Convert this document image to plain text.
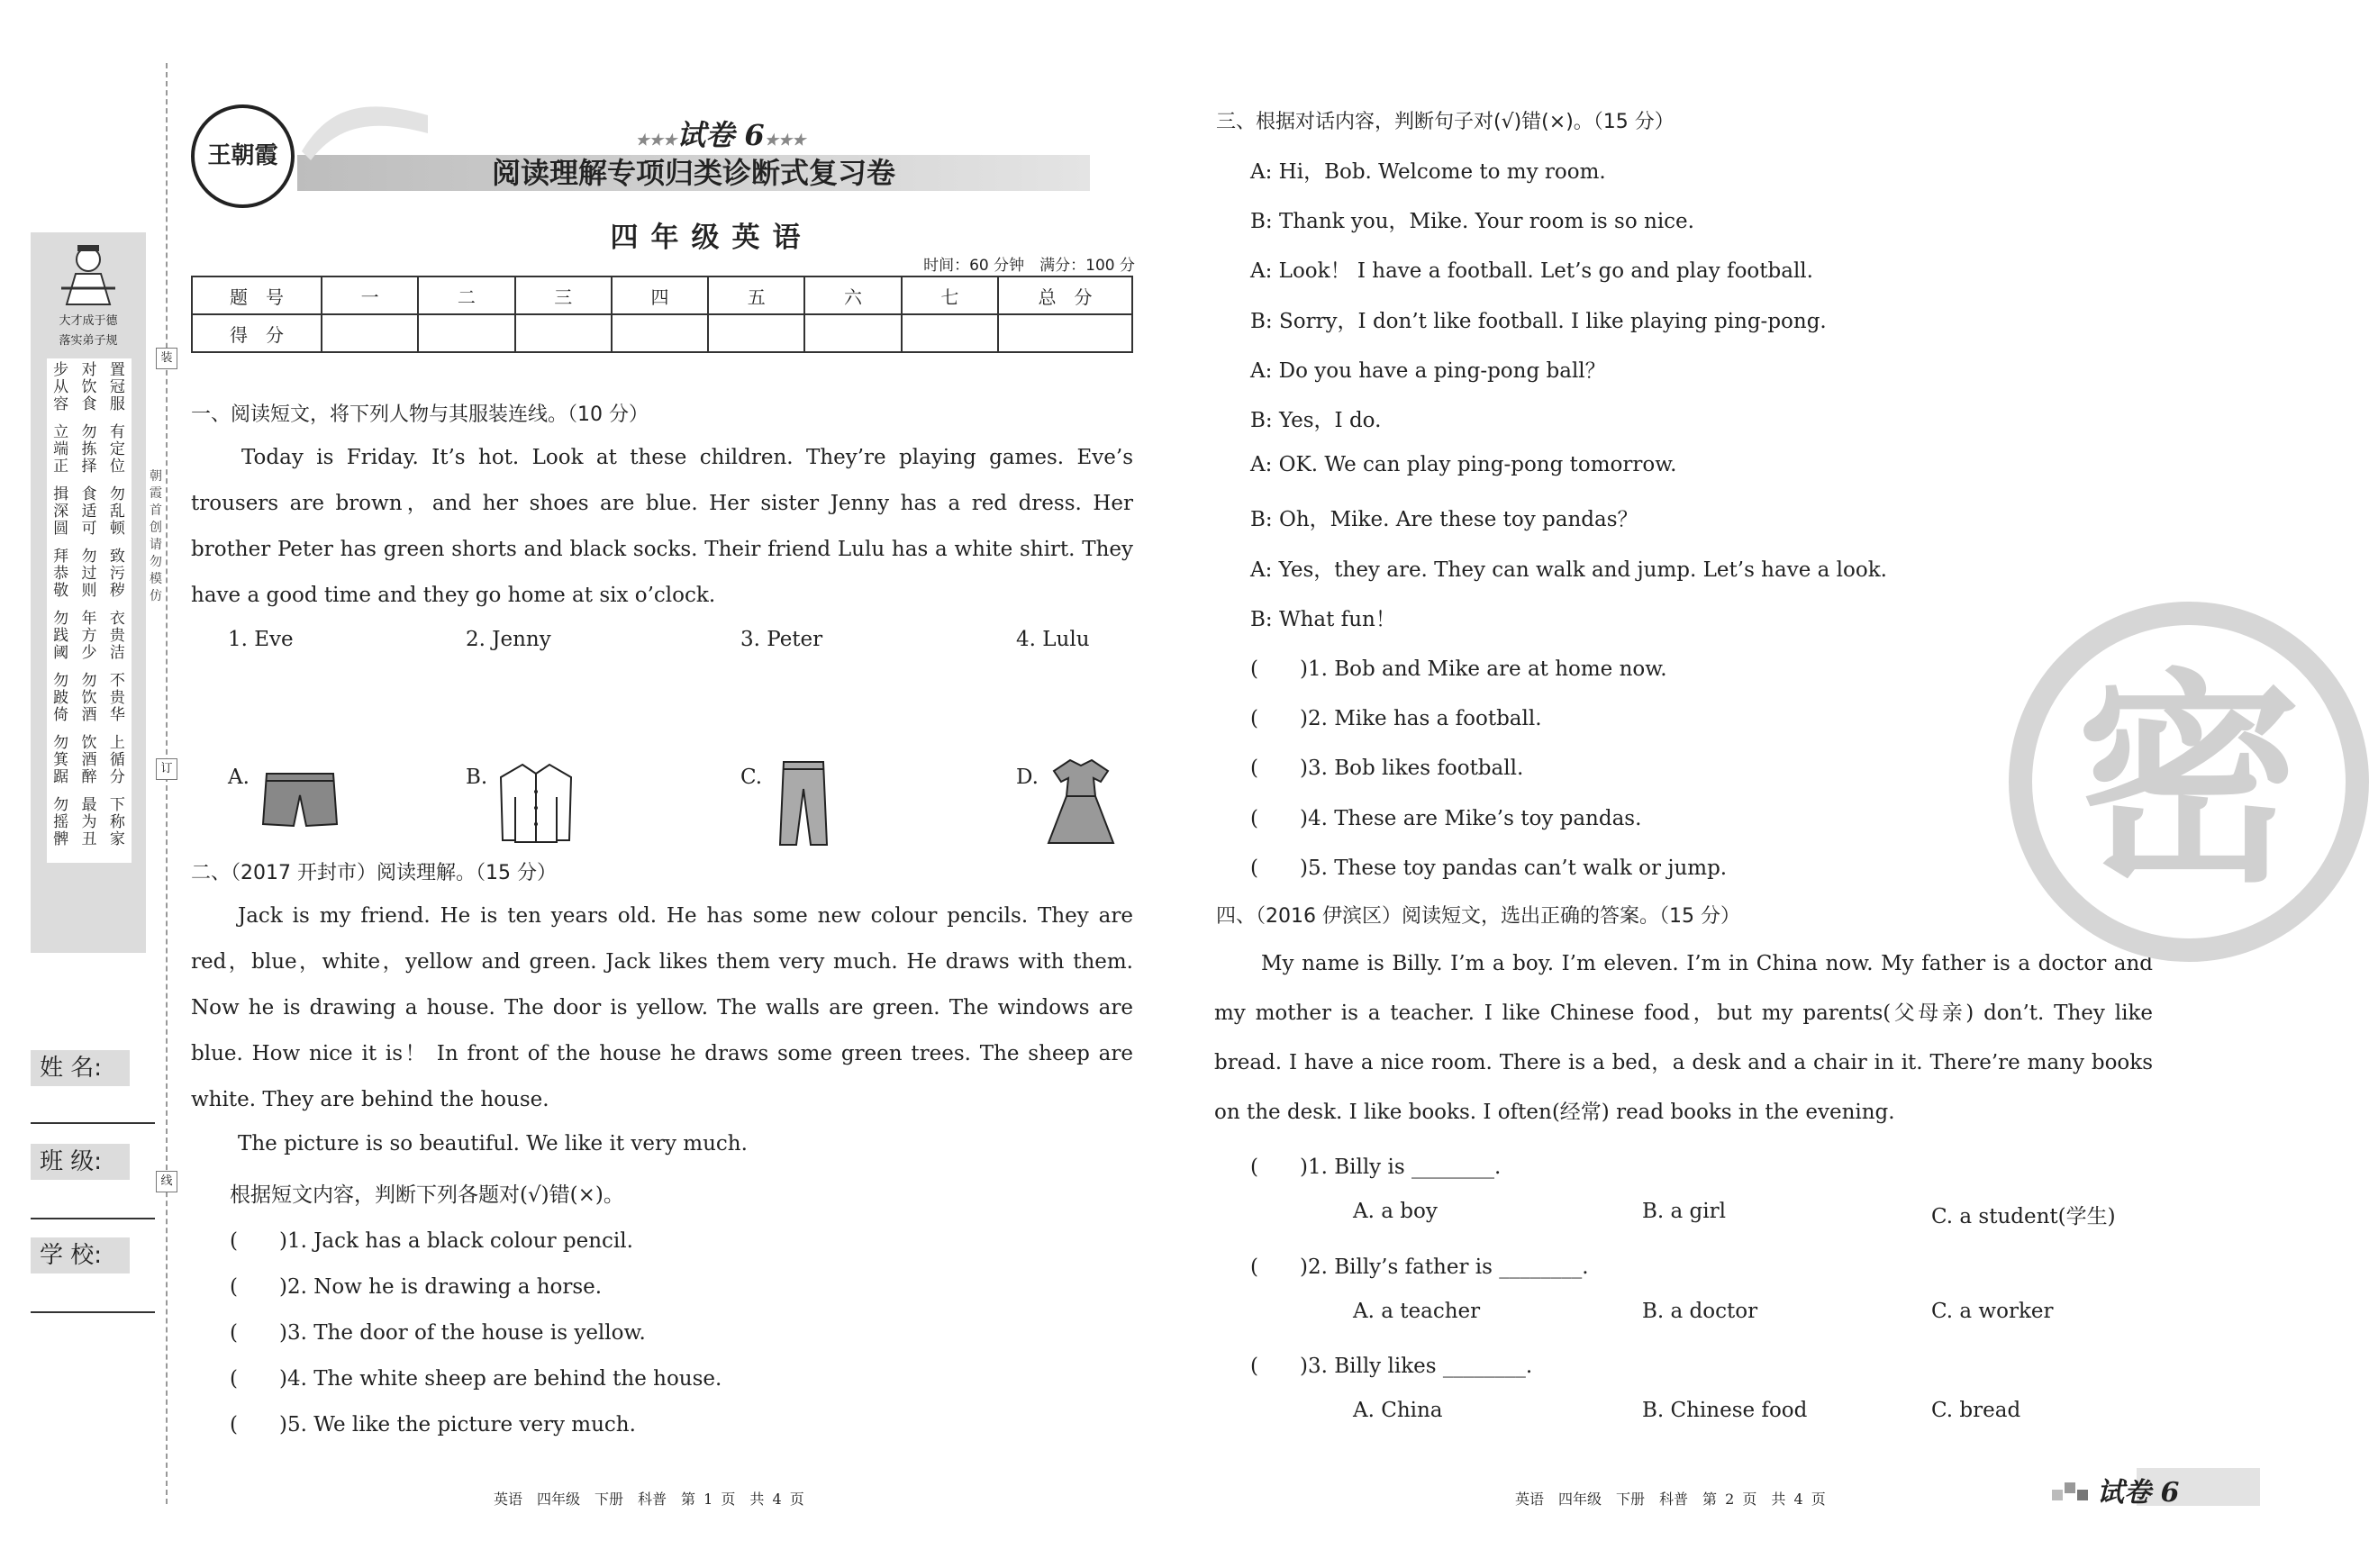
大才成于德
落实弟子规
步 对 置
从 饮 冠
容 食 服
立 勿 有
端 拣 定
正 择 位
揖 食 勿
深 适 乱
圆 可 顿
拜 勿 致
恭 过 污
敬 则 秽
勿 年 衣
践 方 贵
阈 少 洁
勿 勿 不
跛 饮 贵
倚 酒 华
勿 饮 上
箕 酒 循
踞 醉 分
勿 最 下
摇 为 称
髀 丑 家
装
订
线
朝霞首创　请勿模仿
姓 名:
班 级:
学 校:
王朝霞
★★★试卷 6★★★
阅读理解专项归类诊断式复习卷
四年级英语
时间：60 分钟　满分：100 分
题　号	一	二	三	四	五	六	七	总　分
得　分								
一、阅读短文，将下列人物与其服装连线。（10 分）
Today is Friday. It’s hot. Look at these children. They’re playing games. Eve’s trousers are brown，and her shoes are blue. Her sister Jenny has a red dress. Her brother Peter has green shorts and black socks. Their friend Lulu has a white shirt. They have a good time and they go home at six o’clock.
1. Eve	2. Jenny	3. Peter	4. Lulu
A.	B.	C.	D.
二、（2017 开封市）阅读理解。（15 分）
Jack is my friend. He is ten years old. He has some new colour pencils. They are red，blue，white，yellow and green. Jack likes them very much. He draws with them. Now he is drawing a house. The door is yellow. The walls are green. The windows are blue. How nice it is！ In front of the house he draws some green trees. The sheep are white. They are behind the house.
The picture is so beautiful. We like it very much.
根据短文内容，判断下列各题对(√)错(×)。
(　　)1. Jack has a black colour pencil.
(　　)2. Now he is drawing a horse.
(　　)3. The door of the house is yellow.
(　　)4. The white sheep are behind the house.
(　　)5. We like the picture very much.
英语　四年级　下册　科普　第 1 页　共 4 页
三、根据对话内容，判断句子对(√)错(×)。（15 分）
A: Hi，Bob. Welcome to my room.
B: Thank you，Mike. Your room is so nice.
A: Look！ I have a football. Let’s go and play football.
B: Sorry，I don’t like football. I like playing ping-pong.
A: Do you have a ping-pong ball？
B: Yes，I do.
A: OK. We can play ping-pong tomorrow.
B: Oh，Mike. Are these toy pandas？
A: Yes，they are. They can walk and jump. Let’s have a look.
B: What fun！
(　　)1. Bob and Mike are at home now.
(　　)2. Mike has a football.
(　　)3. Bob likes football.
(　　)4. These are Mike’s toy pandas.
(　　)5. These toy pandas can’t walk or jump.
四、（2016 伊滨区）阅读短文，选出正确的答案。（15 分）
My name is Billy. I’m a boy. I’m eleven. I’m in China now. My father is a doctor and my mother is a teacher. I like Chinese food，but my parents(父母亲) don’t. They like bread. I have a nice room. There is a bed，a desk and a chair in it. There’re many books on the desk. I like books. I often(经常) read books in the evening.
(　　)1. Billy is ________.
A. a boy	B. a girl	C. a student(学生)
(　　)2. Billy’s father is ________.
A. a teacher	B. a doctor	C. a worker
(　　)3. Billy likes ________.
A. China	B. Chinese food	C. bread
英语　四年级　下册　科普　第 2 页　共 4 页	试卷 6
密
